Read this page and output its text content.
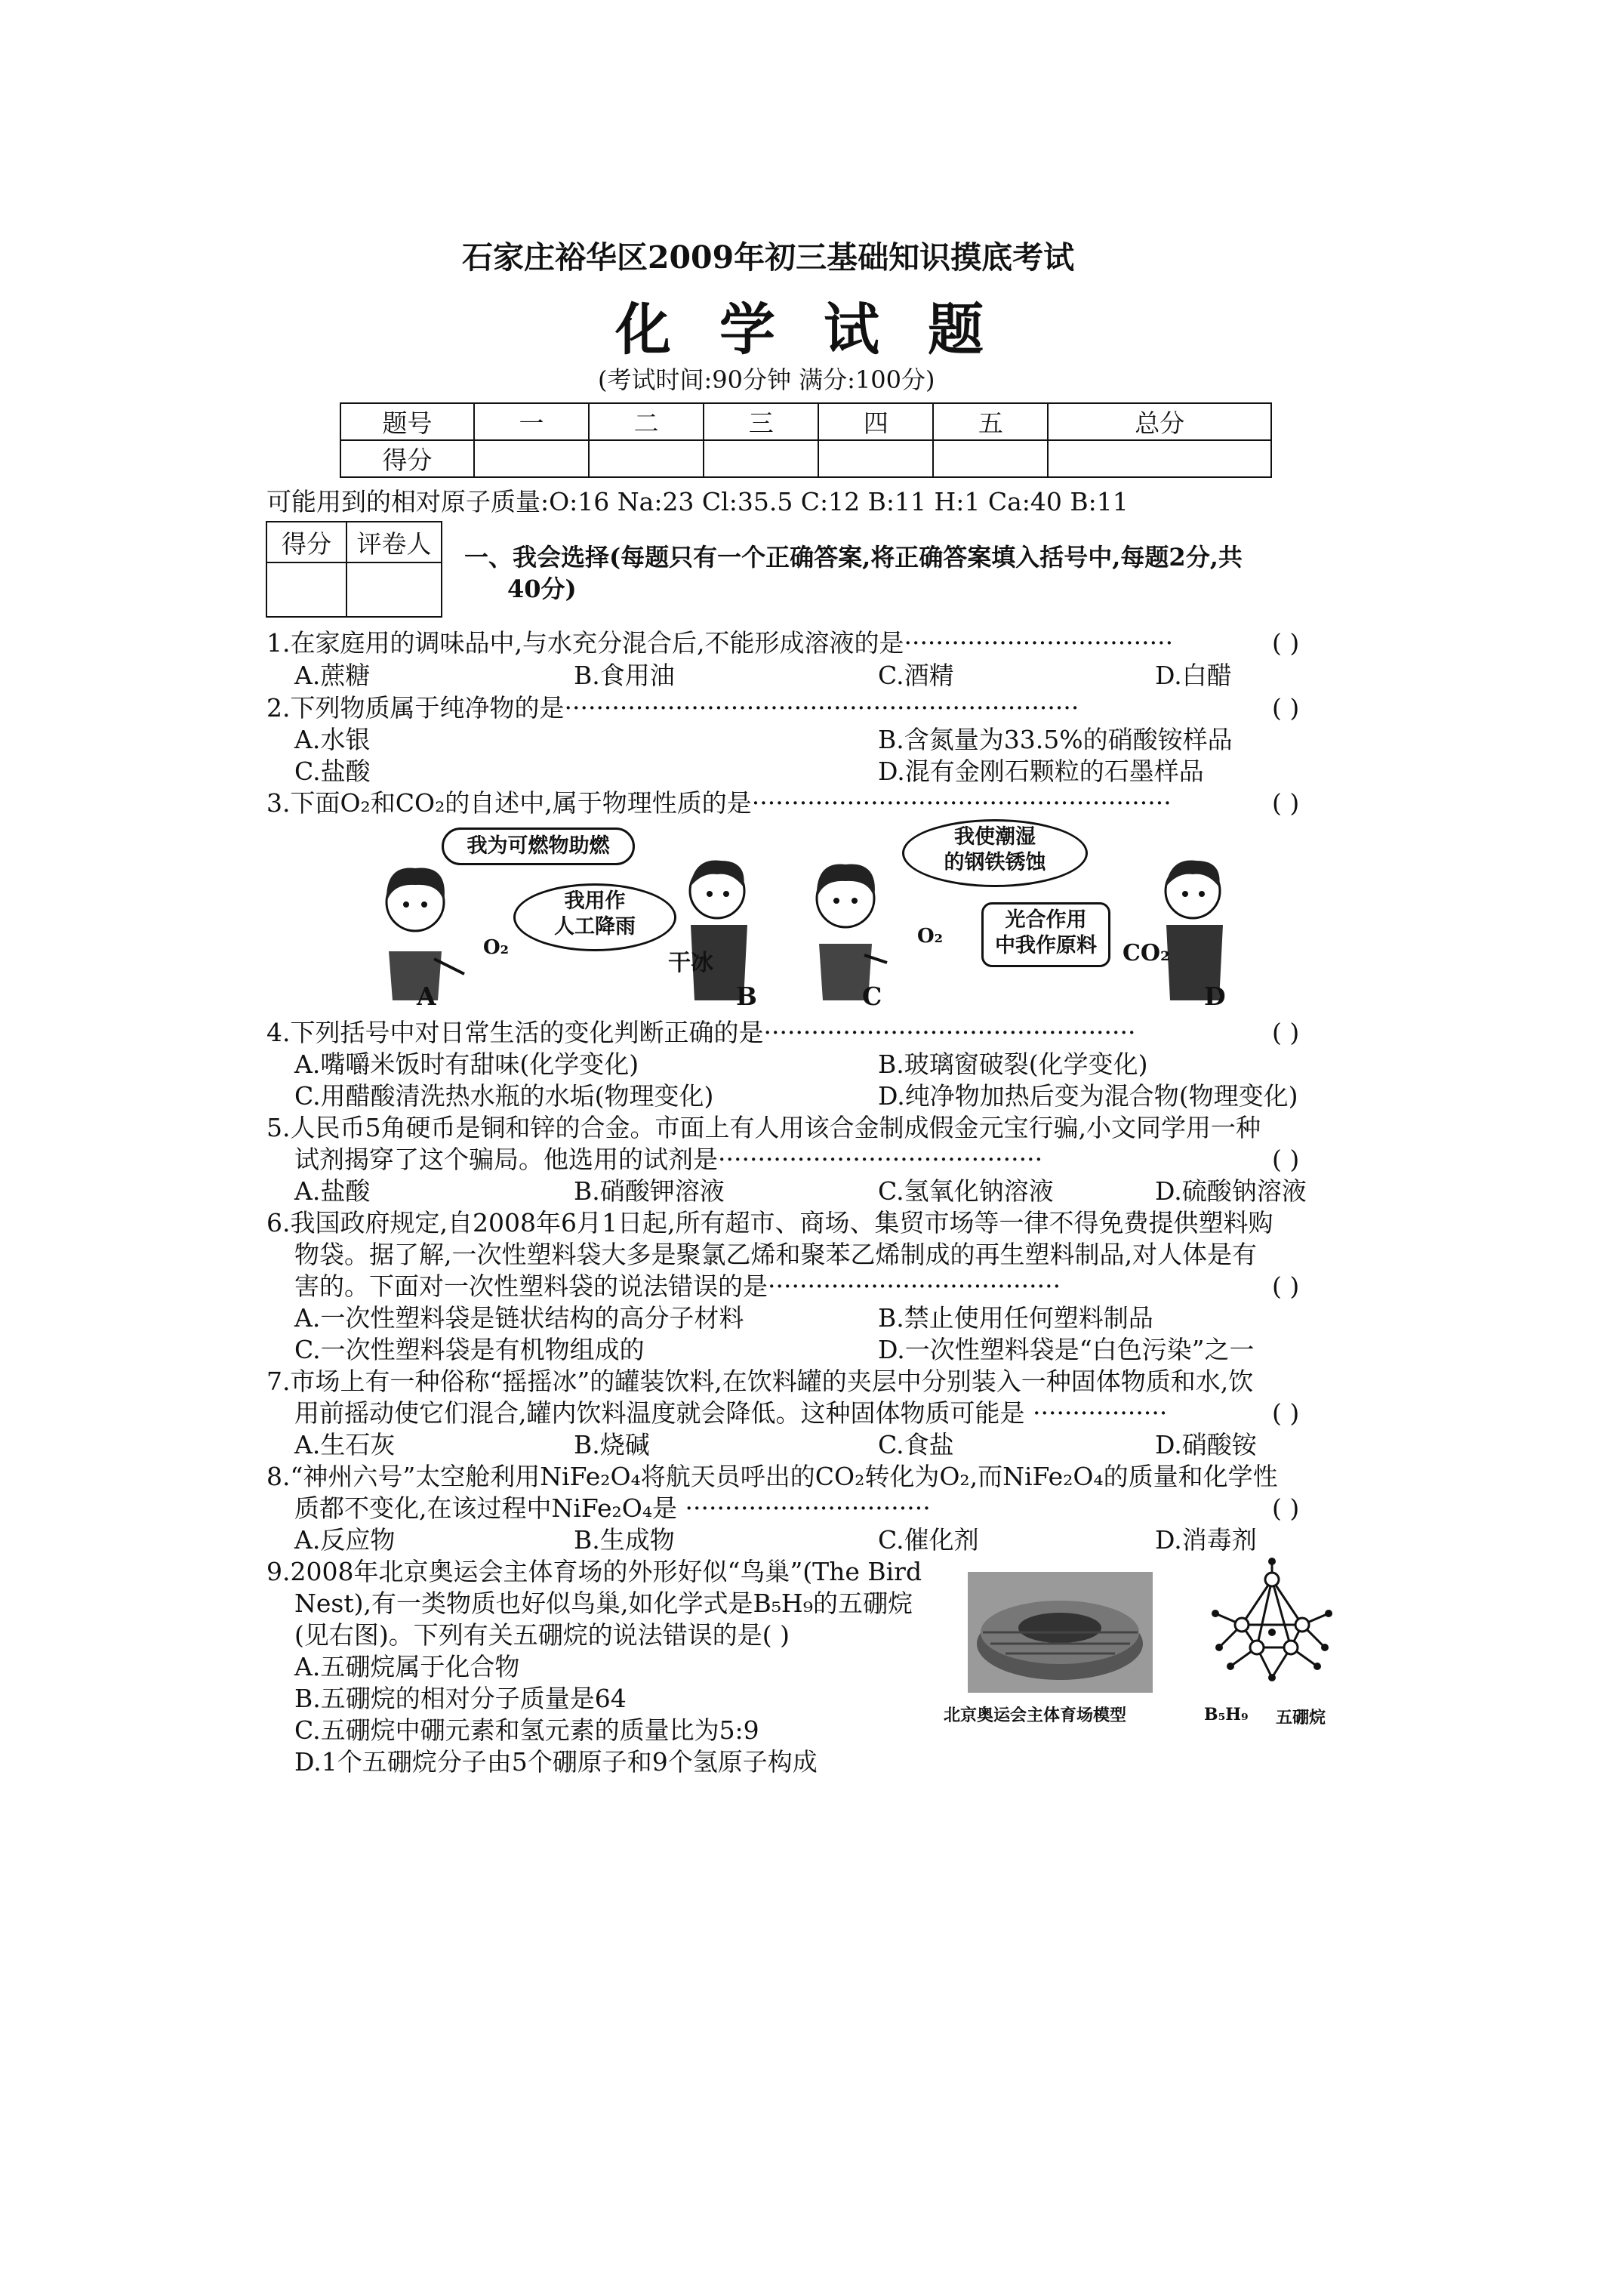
石家庄裕华区2009年初三基础知识摸底考试
化学试题
(考试时间:90分钟 满分:100分)
题号	一	二	三	四	五	总分
得分						
可能用到的相对原子质量:O:16 Na:23 Cl:35.5 C:12 B:11 H:1 Ca:40 B:11
得分	评卷人
	一、我会选择(每题只有一个正确答案,将正确答案填入括号中,每题2分,共
40分)
1.在家庭用的调味品中,与水充分混合后,不能形成溶液的是··································	( )
A.蔗糖	B.食用油	C.酒精	D.白醋
2.下列物质属于纯净物的是·································································	( )
A.水银	B.含氮量为33.5%的硝酸铵样品
C.盐酸	D.混有金刚石颗粒的石墨样品
3.下面O₂和CO₂的自述中,属于物理性质的是·····················································	( )
我为可燃物助燃
我用作
人工降雨
我使潮湿
的钢铁锈蚀
光合作用
中我作原料
O₂
干冰
O₂
CO₂
A	B	C	D
4.下列括号中对日常生活的变化判断正确的是···············································	( )
A.嘴嚼米饭时有甜味(化学变化)	B.玻璃窗破裂(化学变化)
C.用醋酸清洗热水瓶的水垢(物理变化)	D.纯净物加热后变为混合物(物理变化)
5.人民币5角硬币是铜和锌的合金。市面上有人用该合金制成假金元宝行骗,小文同学用一种
试剂揭穿了这个骗局。他选用的试剂是·········································	( )
A.盐酸	B.硝酸钾溶液	C.氢氧化钠溶液	D.硫酸钠溶液
6.我国政府规定,自2008年6月1日起,所有超市、商场、集贸市场等一律不得免费提供塑料购
物袋。据了解,一次性塑料袋大多是聚氯乙烯和聚苯乙烯制成的再生塑料制品,对人体是有
害的。下面对一次性塑料袋的说法错误的是·····································	( )
A.一次性塑料袋是链状结构的高分子材料	B.禁止使用任何塑料制品
C.一次性塑料袋是有机物组成的	D.一次性塑料袋是“白色污染”之一
7.市场上有一种俗称“摇摇冰”的罐装饮料,在饮料罐的夹层中分别装入一种固体物质和水,饮
用前摇动使它们混合,罐内饮料温度就会降低。这种固体物质可能是 ·················	( )
A.生石灰	B.烧碱	C.食盐	D.硝酸铵
8.“神州六号”太空舱利用NiFe₂O₄将航天员呼出的CO₂转化为O₂,而NiFe₂O₄的质量和化学性
质都不变化,在该过程中NiFe₂O₄是 ·······························	( )
A.反应物	B.生成物	C.催化剂	D.消毒剂
9.2008年北京奥运会主体育场的外形好似“鸟巢”(The Bird
Nest),有一类物质也好似鸟巢,如化学式是B₅H₉的五硼烷
(见右图)。下列有关五硼烷的说法错误的是( )
A.五硼烷属于化合物
B.五硼烷的相对分子质量是64
C.五硼烷中硼元素和氢元素的质量比为5:9
D.1个五硼烷分子由5个硼原子和9个氢原子构成
北京奥运会主体育场模型	B₅H₉ 五硼烷
